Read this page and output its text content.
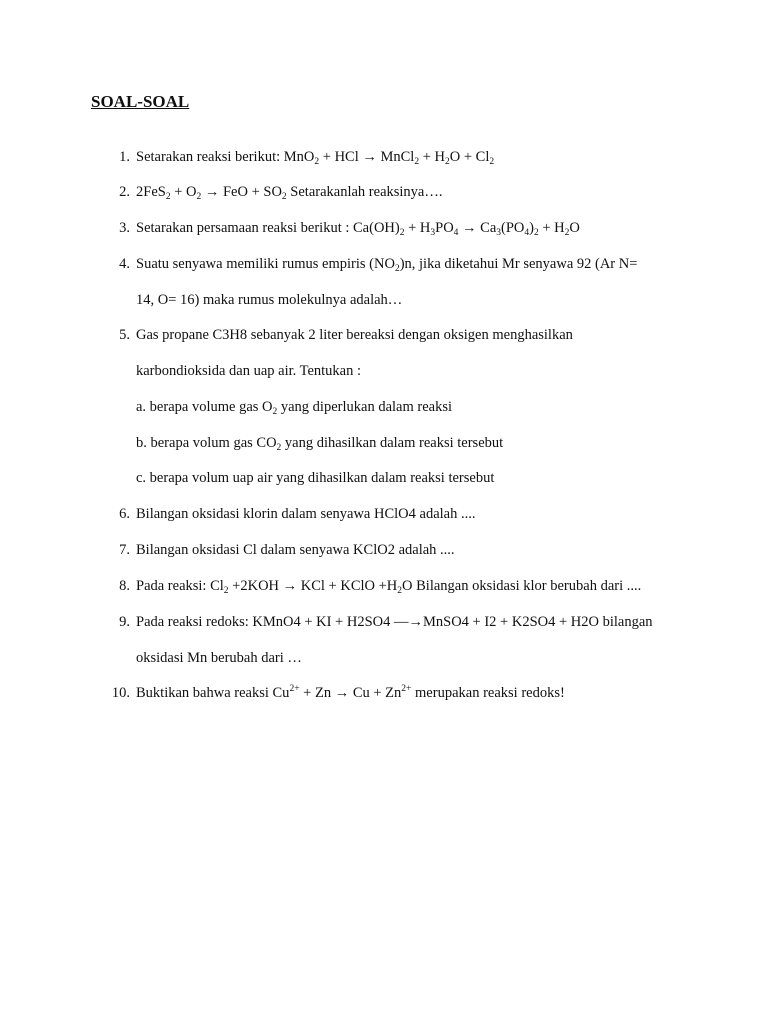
SOAL-SOAL
1. Setarakan reaksi berikut: MnO$_2$ + HCl → MnCl$_2$ + $H_2O + Cl_2$
2. $2FeS_2 + O_2$ → FeO + $SO_2$ Setarakanlah reaksinya….
3. Setarakan persamaan reaksi berikut : $Ca(OH)_2 + H_3PO_4 \to Ca_3(PO_4)_2 + H_2O$
4. Suatu senyawa memiliki rumus empiris $(NO_2)n$, jika diketahui Mr senyawa 92 (Ar N=
14, O= 16) maka rumus molekulnya adalah…
5. Gas propane C3H8 sebanyak 2 liter bereaksi dengan oksigen menghasilkan
karbondioksida dan uap air. Tentukan :
a. berapa volume gas $O_2$ yang diperlukan dalam reaksi
b. berapa volum gas $CO_2$ yang dihasilkan dalam reaksi tersebut
c. berapa volum uap air yang dihasilkan dalam reaksi tersebut
6. Bilangan oksidasi klorin dalam senyawa HClO4 adalah ....
7. Bilangan oksidasi Cl dalam senyawa KClO2 adalah ....
8. Pada reaksi: $Cl_2 +2KOH$ → KCl + KClO $+H_2O$ Bilangan oksidasi klor berubah dari ....
9. Pada reaksi redoks: KMnO4 + KI + H2SO4 —→MnSO4 + I2 + K2SO4 + H2O bilangan
oksidasi Mn berubah dari …
10. Buktikan bahwa reaksi $Cu^{2+} + Zn \to Cu + Zn^{2+}$ merupakan reaksi redoks!
